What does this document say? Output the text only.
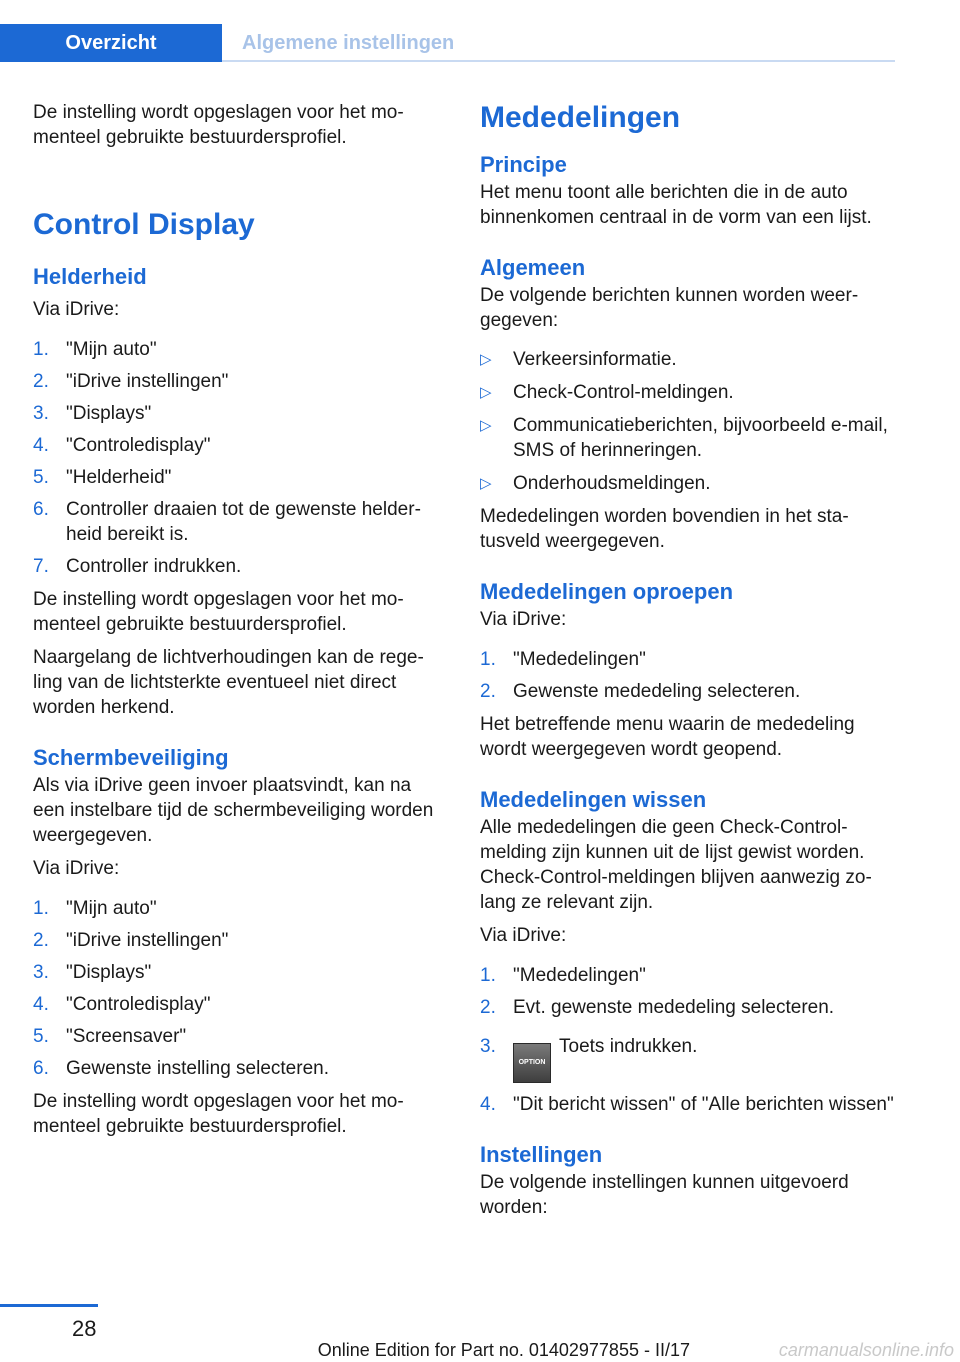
Overzicht	Algemene instellingen

De instelling wordt opgeslagen voor het momenteel gebruikte bestuurdersprofiel.

Control Display
Helderheid

Via iDrive:

1. "Mijn auto"
2. "iDrive instellingen"
3. "Displays"
4. "Controledisplay"
5. "Helderheid"
6. Controller draaien tot de gewenste helderheid bereikt is.
7. Controller indrukken.

De instelling wordt opgeslagen voor het momenteel gebruikte bestuurdersprofiel.

Naargelang de lichtverhoudingen kan de regeling van de lichtsterkte eventueel niet direct worden herkend.

Schermbeveiliging

Als via iDrive geen invoer plaatsvindt, kan na een instelbare tijd de schermbeveiliging worden weergegeven.

Via iDrive:

1. "Mijn auto"
2. "iDrive instellingen"
3. "Displays"
4. "Controledisplay"
5. "Screensaver"
6. Gewenste instelling selecteren.

De instelling wordt opgeslagen voor het momenteel gebruikte bestuurdersprofiel.

Mededelingen
Principe

Het menu toont alle berichten die in de auto binnenkomen centraal in de vorm van een lijst.

Algemeen

De volgende berichten kunnen worden weergegeven:

▷ Verkeersinformatie.
▷ Check-Control-meldingen.
▷ Communicatieberichten, bijvoorbeeld e-mail, SMS of herinneringen.
▷ Onderhoudsmeldingen.

Mededelingen worden bovendien in het statusveld weergegeven.

Mededelingen oproepen

Via iDrive:

1. "Mededelingen"
2. Gewenste mededeling selecteren.

Het betreffende menu waarin de mededeling wordt weergegeven wordt geopend.

Mededelingen wissen

Alle mededelingen die geen Check-Control-melding zijn kunnen uit de lijst gewist worden. Check-Control-meldingen blijven aanwezig zolang ze relevant zijn.

Via iDrive:

1. "Mededelingen"
2. Evt. gewenste mededeling selecteren.
3.
OPTIONToets indrukken.
4. "Dit bericht wissen" of "Alle berichten wissen"
Instellingen

De volgende instellingen kunnen uitgevoerd worden:

28
Online Edition for Part no. 01402977855 - II/17	carmanualsonline.info
